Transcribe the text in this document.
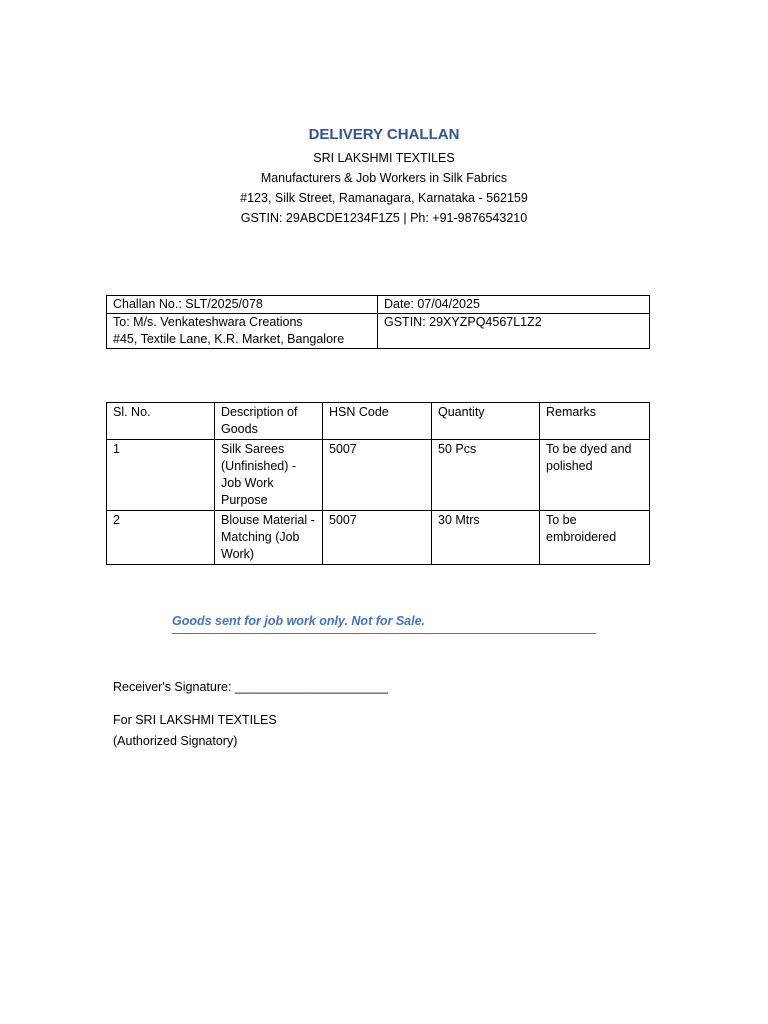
DELIVERY CHALLAN
SRI LAKSHMI TEXTILES
Manufacturers & Job Workers in Silk Fabrics
#123, Silk Street, Ramanagara, Karnataka - 562159
GSTIN: 29ABCDE1234F1Z5 | Ph: +91-9876543210
Challan No.: SLT/2025/078	Date: 07/04/2025

To: M/s. Venkateshwara Creations
#45, Textile Lane, K.R. Market, Bangalore	GSTIN: 29XYZPQ4567L1Z2
Sl. No.	Description of Goods	HSN Code	Quantity	Remarks
1	Silk Sarees (Unfinished) - Job Work Purpose	5007	50 Pcs	To be dyed and polished
2	Blouse Material - Matching (Job Work)	5007	30 Mtrs	To be embroidered
Goods sent for job work only. Not for Sale.
Receiver's Signature: ______________________
For SRI LAKSHMI TEXTILES
(Authorized Signatory)
